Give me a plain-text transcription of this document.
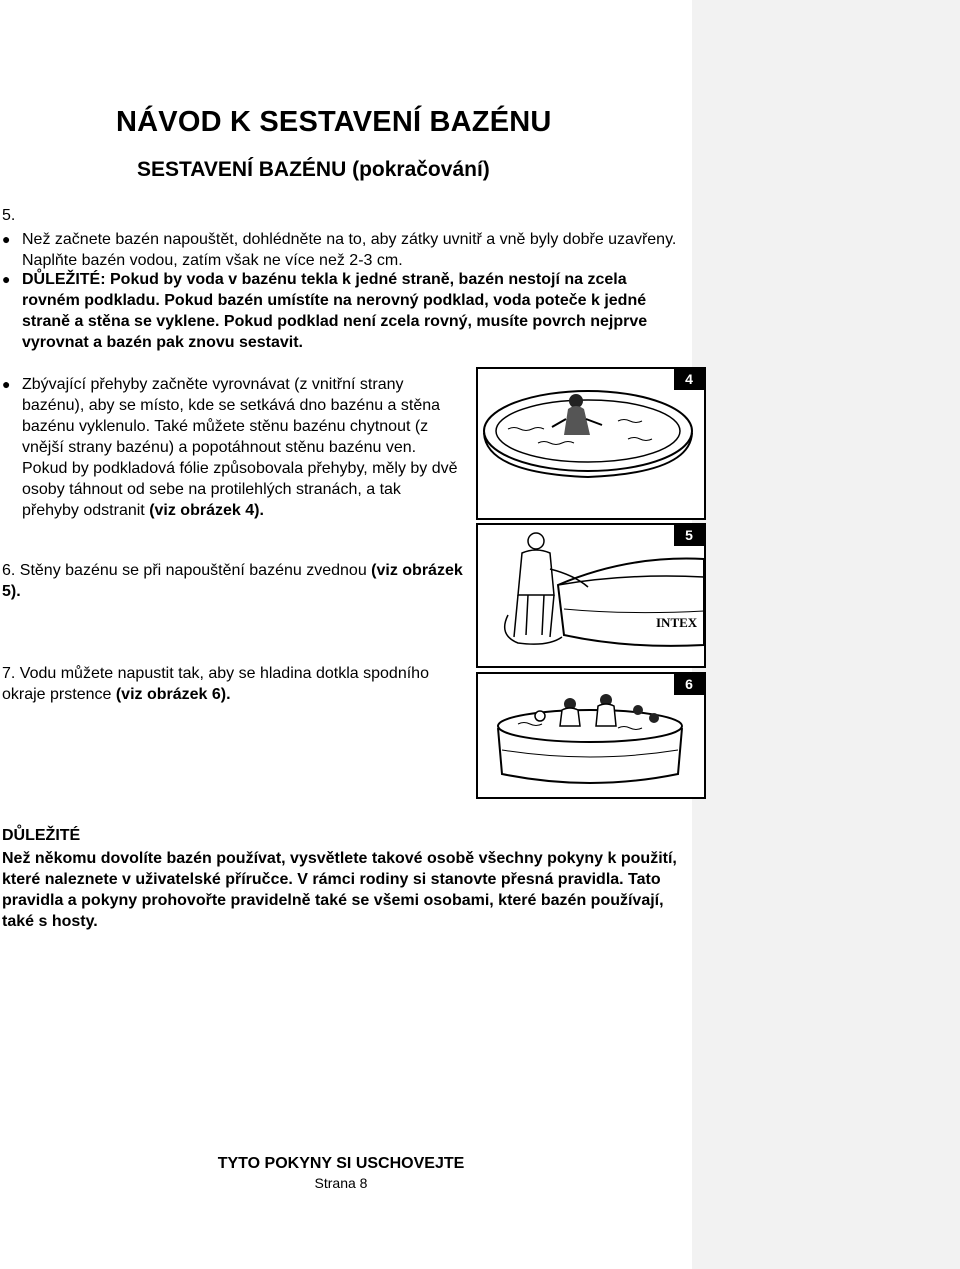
NÁVOD K SESTAVENÍ BAZÉNU
SESTAVENÍ BAZÉNU (pokračování)
5.
● Než začnete bazén napouštět, dohlédněte na to, aby zátky uvnitř a vně byly dobře uzavřeny. Naplňte bazén vodou, zatím však ne více než 2-3 cm.
● DŮLEŽITÉ: Pokud by voda v bazénu tekla k jedné straně, bazén nestojí na zcela rovném podkladu. Pokud bazén umístíte na nerovný podklad, voda poteče k jedné straně a stěna se vyklene. Pokud podklad není zcela rovný, musíte povrch nejprve vyrovnat a bazén pak znovu sestavit.
● Zbývající přehyby začněte vyrovnávat (z vnitřní strany bazénu), aby se místo, kde se setkává dno bazénu a stěna bazénu vyklenulo. Také můžete stěnu bazénu chytnout (z vnější strany bazénu) a popotáhnout stěnu bazénu ven. Pokud by podkladová fólie způsobovala přehyby, měly by dvě osoby táhnout od sebe na protilehlých stranách, a tak přehyby odstranit (viz obrázek 4).
6. Stěny bazénu se při napouštění bazénu zvednou (viz obrázek 5).
7. Vodu můžete napustit tak, aby se hladina dotkla spodního okraje prstence (viz obrázek 6).
4
INTEX
5
6
DŮLEŽITÉ
Než někomu dovolíte bazén používat, vysvětlete takové osobě všechny pokyny k použití, které naleznete v uživatelské příručce. V rámci rodiny si stanovte přesná pravidla. Tato pravidla a pokyny prohovořte pravidelně také se všemi osobami, které bazén používají, také s hosty.
TYTO POKYNY SI USCHOVEJTE
Strana 8
